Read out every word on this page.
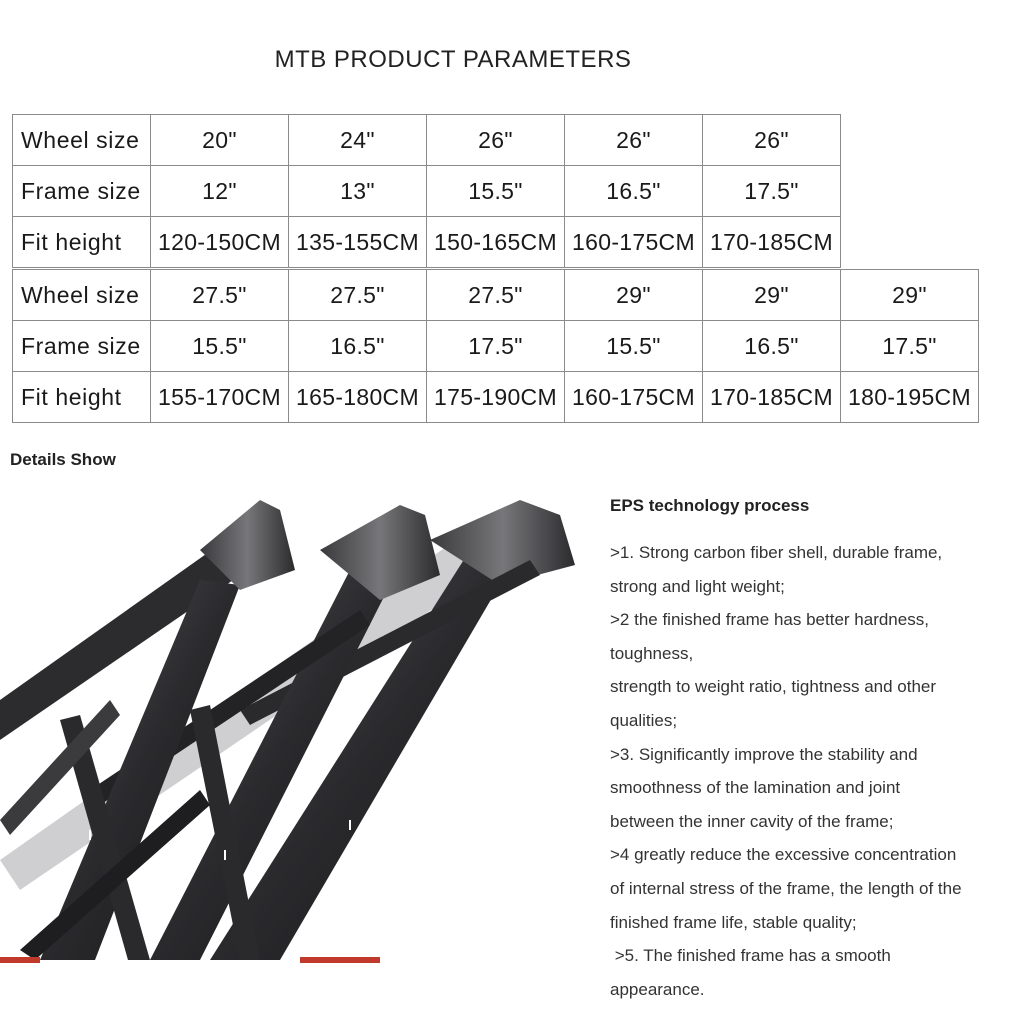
MTB PRODUCT PARAMETERS
Wheel size	20"	24"	26"	26"	26"
Frame size	12"	13"	15.5"	16.5"	17.5"
Fit height	120-150CM	135-155CM	150-165CM	160-175CM	170-185CM
Wheel size	27.5"	27.5"	27.5"	29"	29"	29"
Frame size	15.5"	16.5"	17.5"	15.5"	16.5"	17.5"
Fit height	155-170CM	165-180CM	175-190CM	160-175CM	170-185CM	180-195CM
Details Show
EPS technology process
>1. Strong carbon fiber shell, durable frame,
strong and light weight;
>2 the finished frame has better hardness,
toughness,
strength to weight ratio, tightness and other
qualities;
>3. Significantly improve the stability and
smoothness of the lamination and joint
between the inner cavity of the frame;
>4 greatly reduce the excessive concentration
of internal stress of the frame, the length of the
finished frame life, stable quality;
>5. The finished frame has a smooth
appearance.
